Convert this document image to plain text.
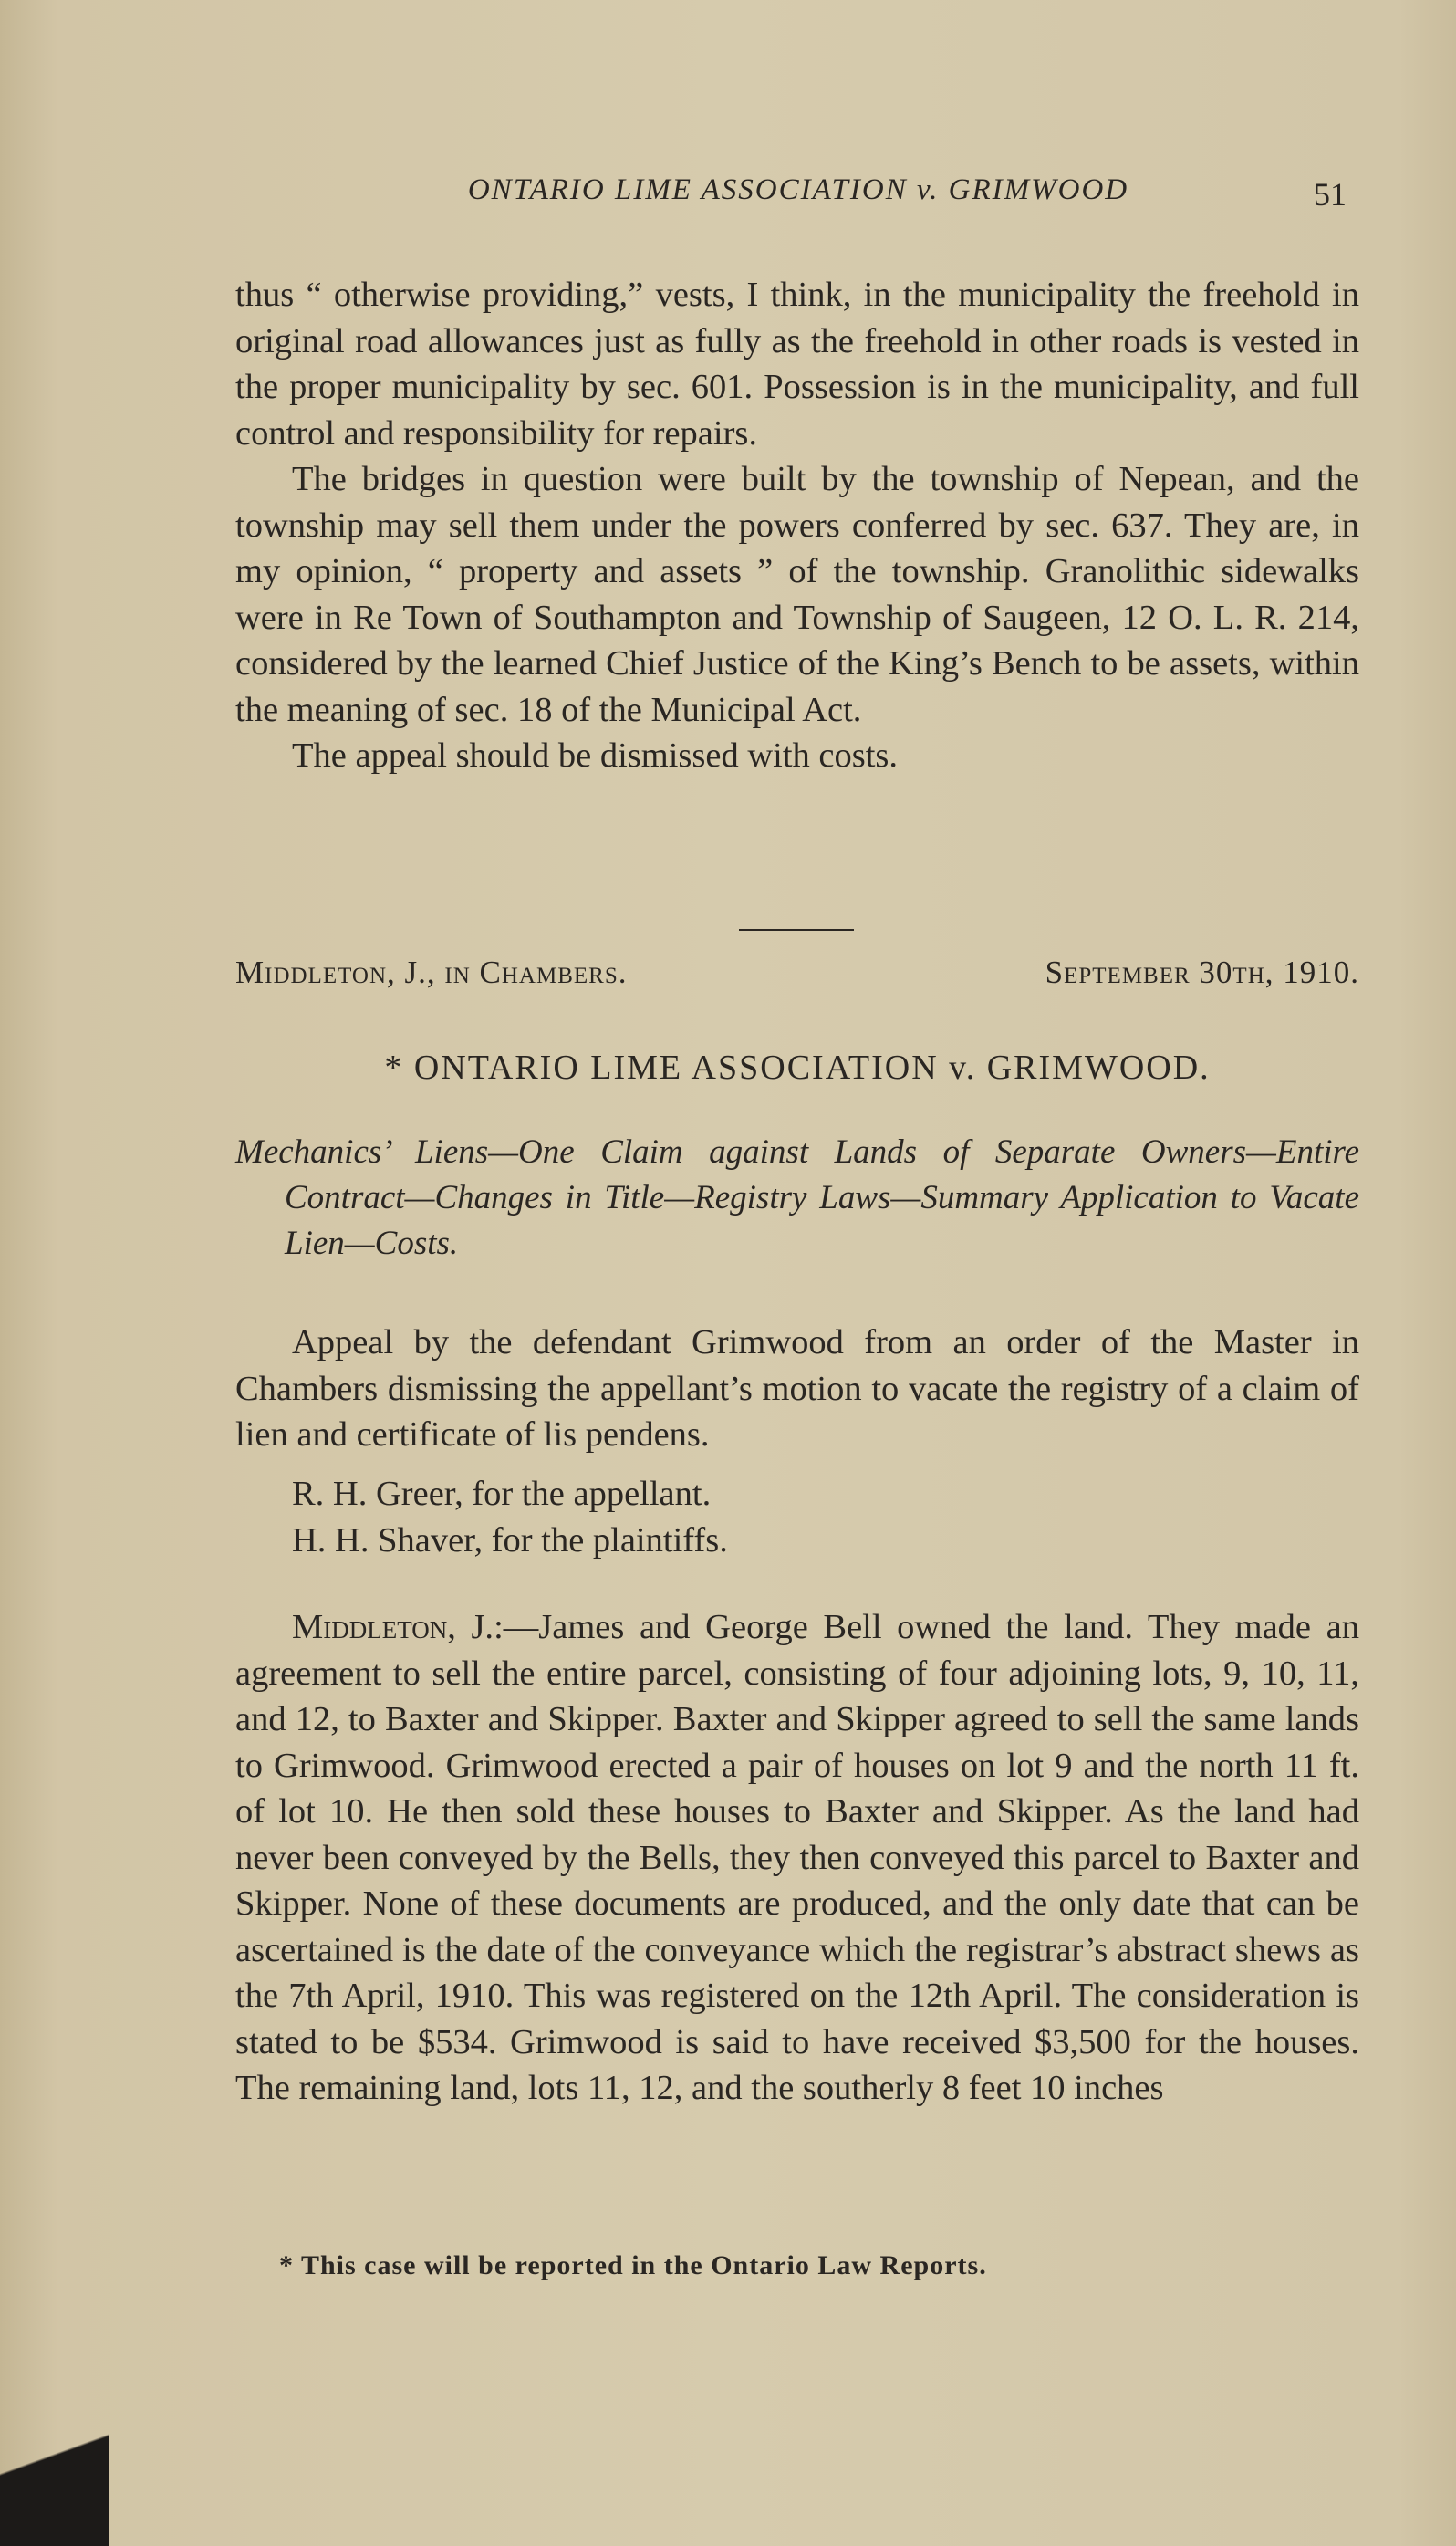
ONTARIO LIME ASSOCIATION v. GRIMWOOD	51

thus “ otherwise providing,” vests, I think, in the municipality the freehold in original road allowances just as fully as the freehold in other roads is vested in the proper municipality by sec. 601. Possession is in the municipality, and full control and responsibility for repairs.

The bridges in question were built by the township of Nepean, and the township may sell them under the powers conferred by sec. 637. They are, in my opinion, “ property and assets ” of the township. Granolithic sidewalks were in Re Town of Southampton and Township of Saugeen, 12 O. L. R. 214, considered by the learned Chief Justice of the King’s Bench to be assets, within the meaning of sec. 18 of the Municipal Act.

The appeal should be dismissed with costs.

Middleton, J., in Chambers.	September 30th, 1910.
* ONTARIO LIME ASSOCIATION v. GRIMWOOD.
Mechanics’ Liens—One Claim against Lands of Separate Owners—Entire Contract—Changes in Title—Registry Laws—Summary Application to Vacate Lien—Costs.

Appeal by the defendant Grimwood from an order of the Master in Chambers dismissing the appellant’s motion to vacate the registry of a claim of lien and certificate of lis pendens.

R. H. Greer, for the appellant.

H. H. Shaver, for the plaintiffs.

Middleton, J.:—James and George Bell owned the land. They made an agreement to sell the entire parcel, consisting of four adjoining lots, 9, 10, 11, and 12, to Baxter and Skipper. Baxter and Skipper agreed to sell the same lands to Grimwood. Grimwood erected a pair of houses on lot 9 and the north 11 ft. of lot 10. He then sold these houses to Baxter and Skipper. As the land had never been conveyed by the Bells, they then conveyed this parcel to Baxter and Skipper. None of these documents are produced, and the only date that can be ascertained is the date of the conveyance which the registrar’s abstract shews as the 7th April, 1910. This was registered on the 12th April. The consideration is stated to be $534. Grimwood is said to have received $3,500 for the houses. The remaining land, lots 11, 12, and the southerly 8 feet 10 inches

* This case will be reported in the Ontario Law Reports.
